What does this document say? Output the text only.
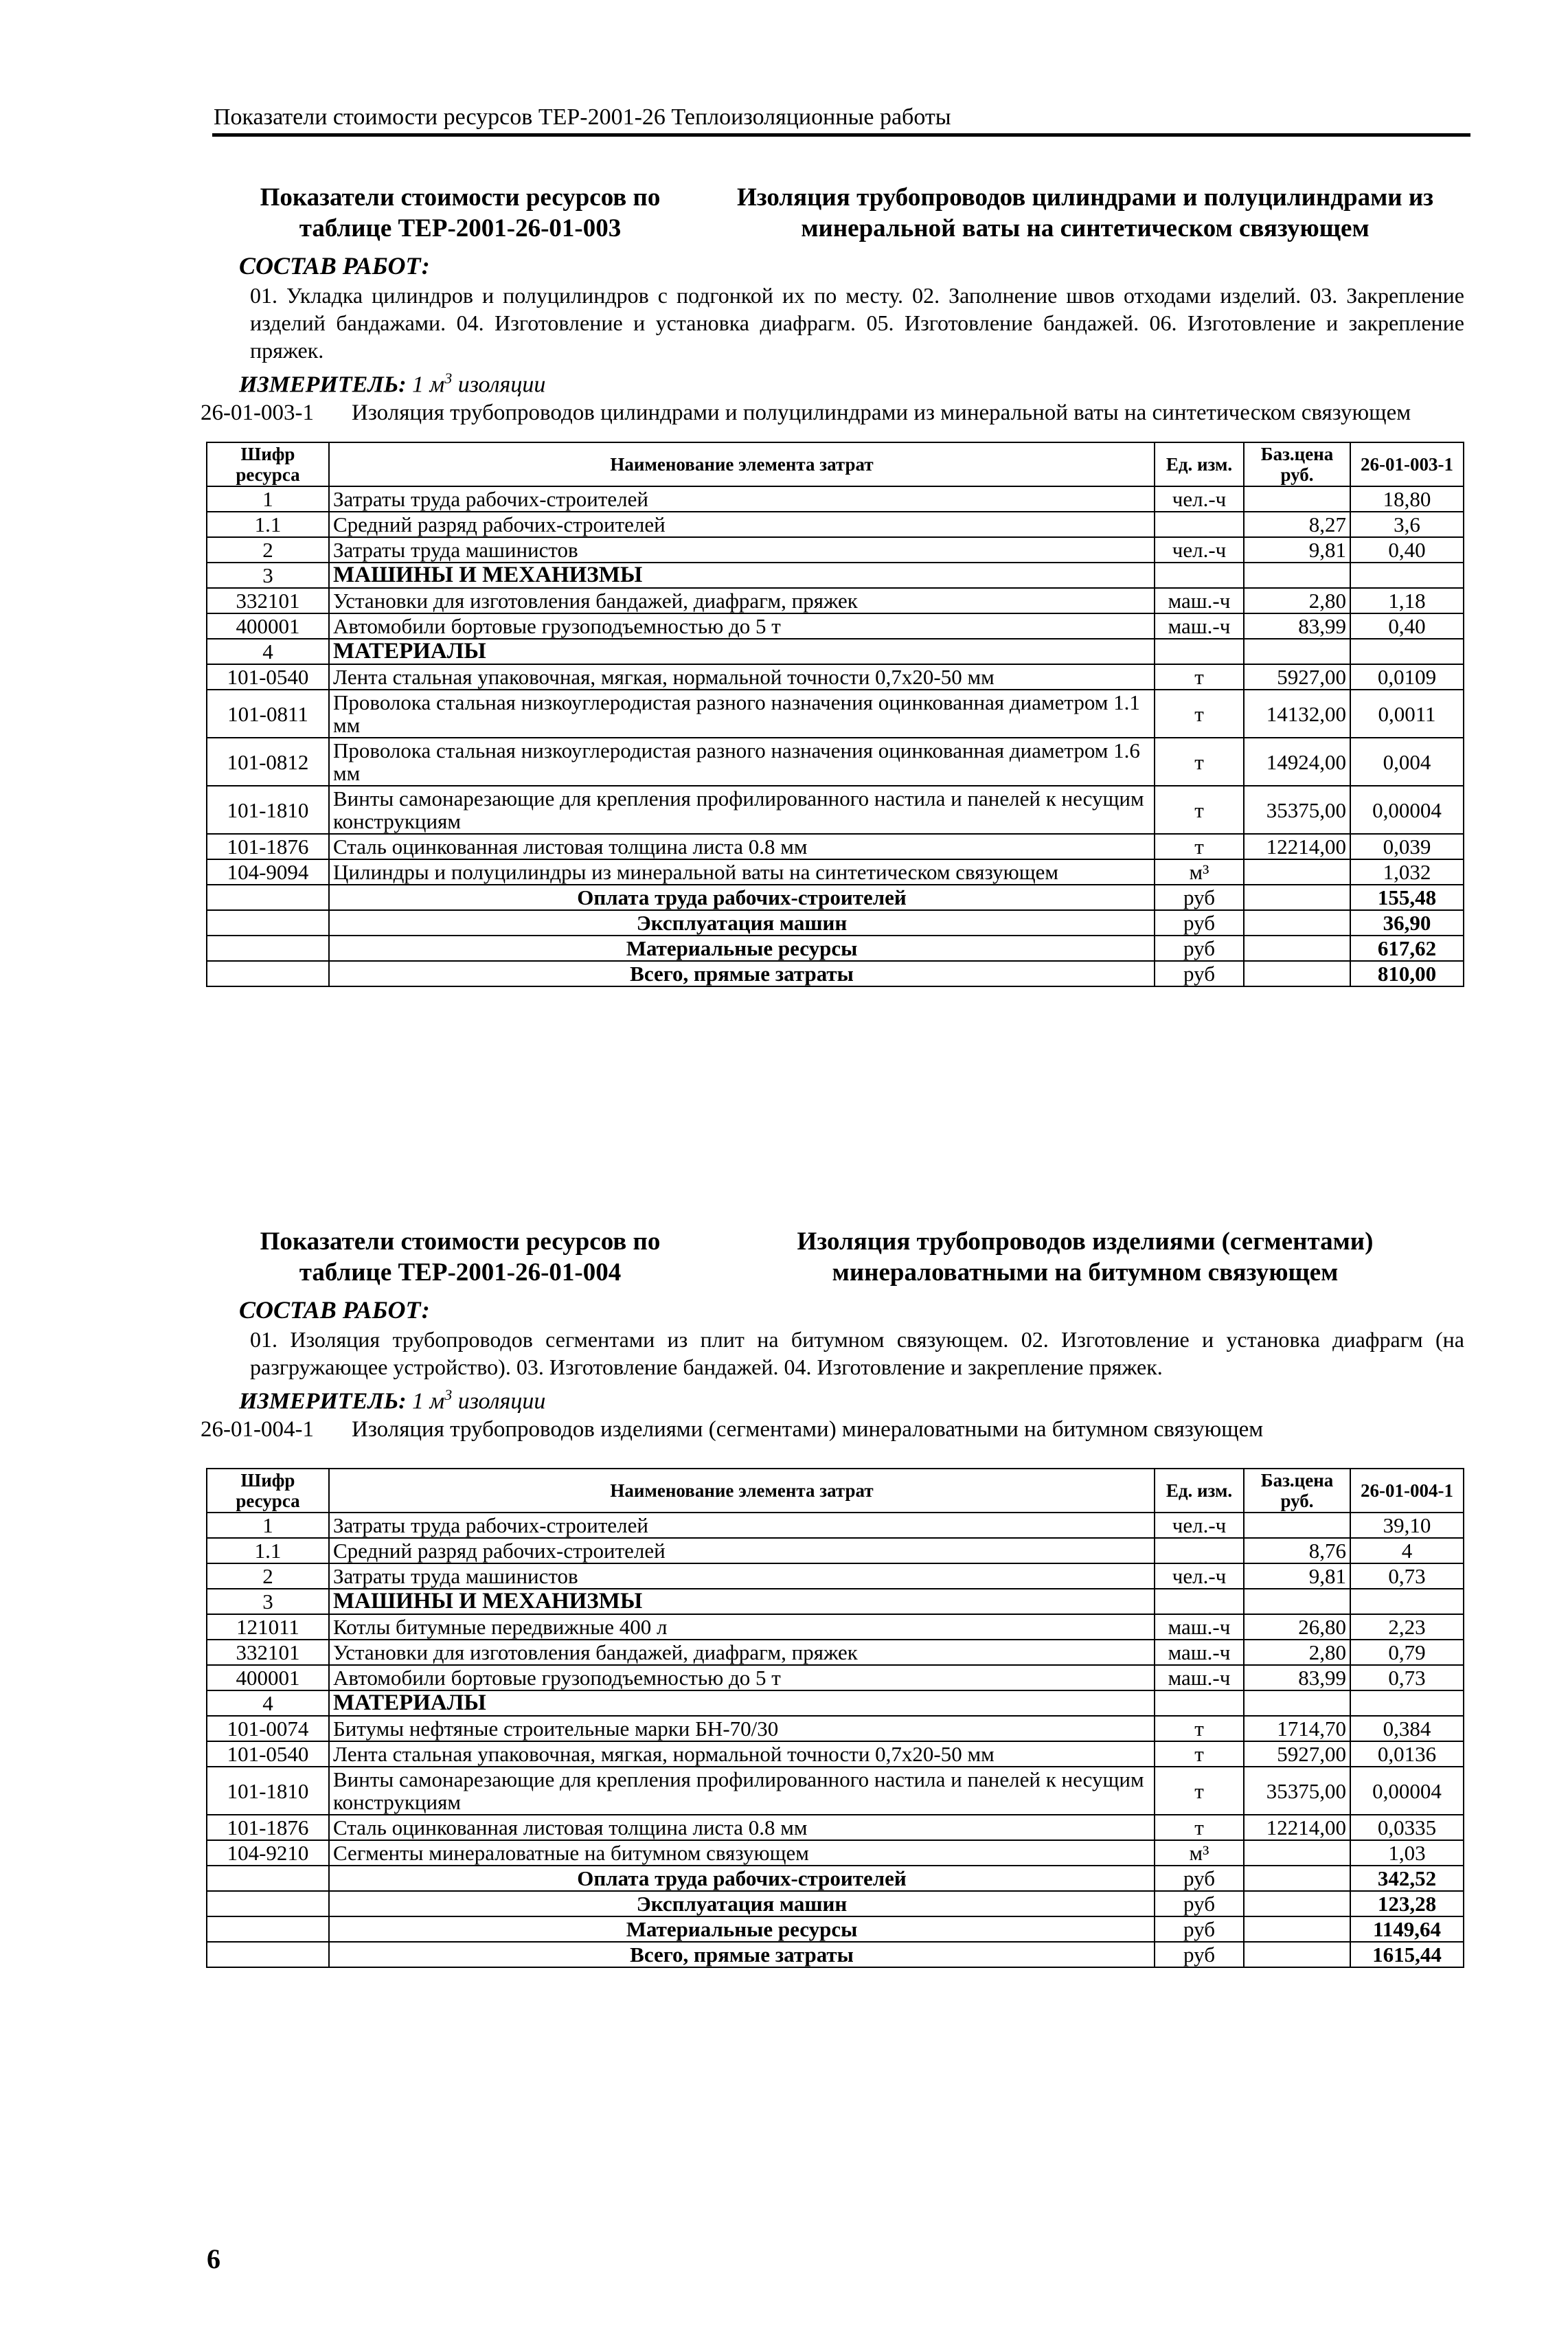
Показатели стоимости ресурсов ТЕР-2001-26 Теплоизоляционные работы
Показатели стоимости ресурсов по таблице ТЕР-2001-26-01-003
Изоляция трубопроводов цилиндрами и полуцилиндрами из минеральной ваты на синтетическом связующем
СОСТАВ РАБОТ:
01. Укладка цилиндров и полуцилиндров с подгонкой их по месту. 02. Заполнение швов отходами изделий. 03. Закрепление изделий бандажами. 04. Изготовление и установка диафрагм. 05. Изготовление бандажей. 06. Изготовление и закрепление пряжек.
ИЗМЕРИТЕЛЬ: 1 $м^3$ изоляции
26-01-003-1	Изоляция трубопроводов цилиндрами и полуцилиндрами из минеральной ваты на синтетическом связующем
Шифр ресурса	Наименование элемента затрат	Ед. изм.	Баз.цена руб.	26-01-003-1
1	Затраты труда рабочих-строителей	чел.-ч		18,80
1.1	Средний разряд рабочих-строителей		8,27	3,6
2	Затраты труда машинистов	чел.-ч	9,81	0,40
3	МАШИНЫ И МЕХАНИЗМЫ			
332101	Установки для изготовления бандажей, диафрагм, пряжек	маш.-ч	2,80	1,18
400001	Автомобили бортовые грузоподъемностью до 5 т	маш.-ч	83,99	0,40
4	МАТЕРИАЛЫ			
101-0540	Лента стальная упаковочная, мягкая, нормальной точности 0,7х20-50 мм	т	5927,00	0,0109
101-0811	Проволока стальная низкоуглеродистая разного назначения оцинкованная диаметром 1.1 мм	т	14132,00	0,0011
101-0812	Проволока стальная низкоуглеродистая разного назначения оцинкованная диаметром 1.6 мм	т	14924,00	0,004
101-1810	Винты самонарезающие для крепления профилированного настила и панелей к несущим конструкциям	т	35375,00	0,00004
101-1876	Сталь оцинкованная листовая толщина листа 0.8 мм	т	12214,00	0,039
104-9094	Цилиндры и полуцилиндры из минеральной ваты на синтетическом связующем	м³		1,032
	Оплата труда рабочих-строителей	руб		155,48
	Эксплуатация машин	руб		36,90
	Материальные ресурсы	руб		617,62
	Всего, прямые затраты	руб		810,00
Показатели стоимости ресурсов по таблице ТЕР-2001-26-01-004
Изоляция трубопроводов изделиями (сегментами) минераловатными на битумном связующем
СОСТАВ РАБОТ:
01. Изоляция трубопроводов сегментами из плит на битумном связующем. 02. Изготовление и установка диафрагм (на разгружающее устройство). 03. Изготовление бандажей. 04. Изготовление и закрепление пряжек.
ИЗМЕРИТЕЛЬ: 1 $м^3$ изоляции
26-01-004-1	Изоляция трубопроводов изделиями (сегментами) минераловатными на битумном связующем
Шифр ресурса	Наименование элемента затрат	Ед. изм.	Баз.цена руб.	26-01-004-1
1	Затраты труда рабочих-строителей	чел.-ч		39,10
1.1	Средний разряд рабочих-строителей		8,76	4
2	Затраты труда машинистов	чел.-ч	9,81	0,73
3	МАШИНЫ И МЕХАНИЗМЫ			
121011	Котлы битумные передвижные 400 л	маш.-ч	26,80	2,23
332101	Установки для изготовления бандажей, диафрагм, пряжек	маш.-ч	2,80	0,79
400001	Автомобили бортовые грузоподъемностью до 5 т	маш.-ч	83,99	0,73
4	МАТЕРИАЛЫ			
101-0074	Битумы нефтяные строительные марки БН-70/30	т	1714,70	0,384
101-0540	Лента стальная упаковочная, мягкая, нормальной точности 0,7х20-50 мм	т	5927,00	0,0136
101-1810	Винты самонарезающие для крепления профилированного настила и панелей к несущим конструкциям	т	35375,00	0,00004
101-1876	Сталь оцинкованная листовая толщина листа 0.8 мм	т	12214,00	0,0335
104-9210	Сегменты минераловатные на битумном связующем	м³		1,03
	Оплата труда рабочих-строителей	руб		342,52
	Эксплуатация машин	руб		123,28
	Материальные ресурсы	руб		1149,64
	Всего, прямые затраты	руб		1615,44
6
